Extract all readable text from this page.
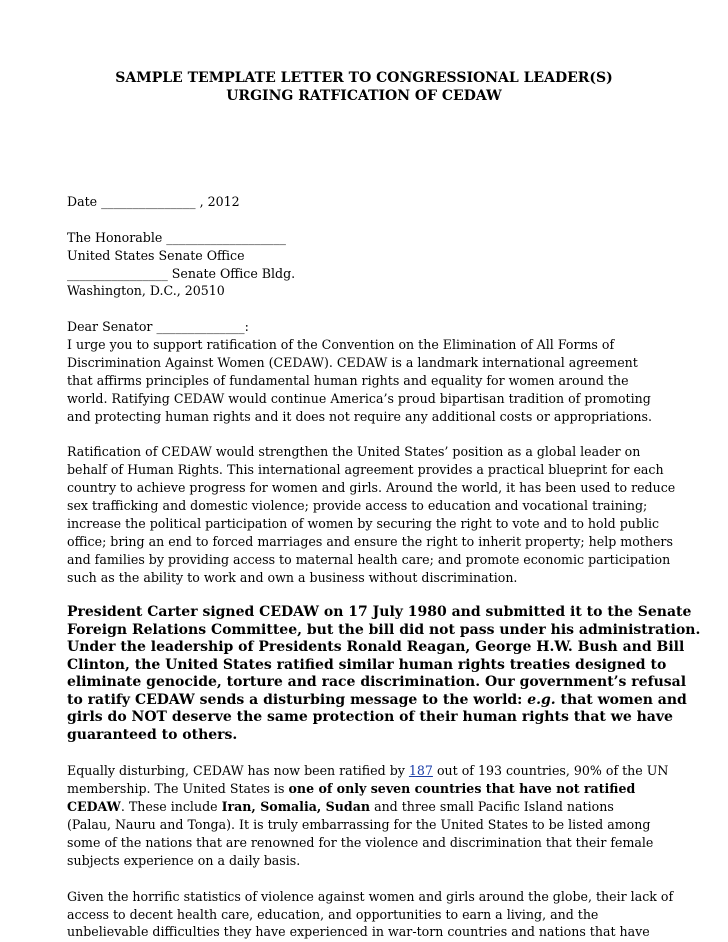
SAMPLE TEMPLATE LETTER TO CONGRESSIONAL LEADER(S)
URGING RATFICATION OF CEDAW
Date _______________ , 2012
The Honorable ___________________
United States Senate Office
________________ Senate Office Bldg.
Washington, D.C., 20510
Dear Senator ______________:
I urge you to support ratification of the Convention on the Elimination of All Forms of
Discrimination Against Women (CEDAW). CEDAW is a landmark international agreement
that affirms principles of fundamental human rights and equality for women around the
world. Ratifying CEDAW would continue America’s proud bipartisan tradition of promoting
and protecting human rights and it does not require any additional costs or appropriations.
Ratification of CEDAW would strengthen the United States’ position as a global leader on
behalf of Human Rights. This international agreement provides a practical blueprint for each
country to achieve progress for women and girls. Around the world, it has been used to reduce
sex trafficking and domestic violence; provide access to education and vocational training;
increase the political participation of women by securing the right to vote and to hold public
office; bring an end to forced marriages and ensure the right to inherit property; help mothers
and families by providing access to maternal health care; and promote economic participation
such as the ability to work and own a business without discrimination.
President Carter signed CEDAW on 17 July 1980 and submitted it to the Senate
Foreign Relations Committee, but the bill did not pass under his administration.
Under the leadership of Presidents Ronald Reagan, George H.W. Bush and Bill
Clinton, the United States ratified similar human rights treaties designed to
eliminate genocide, torture and race discrimination. Our government’s refusal
to ratify CEDAW sends a disturbing message to the world: e.g. that women and
girls do NOT deserve the same protection of their human rights that we have
guaranteed to others.
Equally disturbing, CEDAW has now been ratified by 187 out of 193 countries, 90% of the UN
membership. The United States is one of only seven countries that have not ratified
CEDAW. These include Iran, Somalia, Sudan and three small Pacific Island nations
(Palau, Nauru and Tonga). It is truly embarrassing for the United States to be listed among
some of the nations that are renowned for the violence and discrimination that their female
subjects experience on a daily basis.
Given the horrific statistics of violence against women and girls around the globe, their lack of
access to decent health care, education, and opportunities to earn a living, and the
unbelievable difficulties they have experienced in war-torn countries and nations that have
